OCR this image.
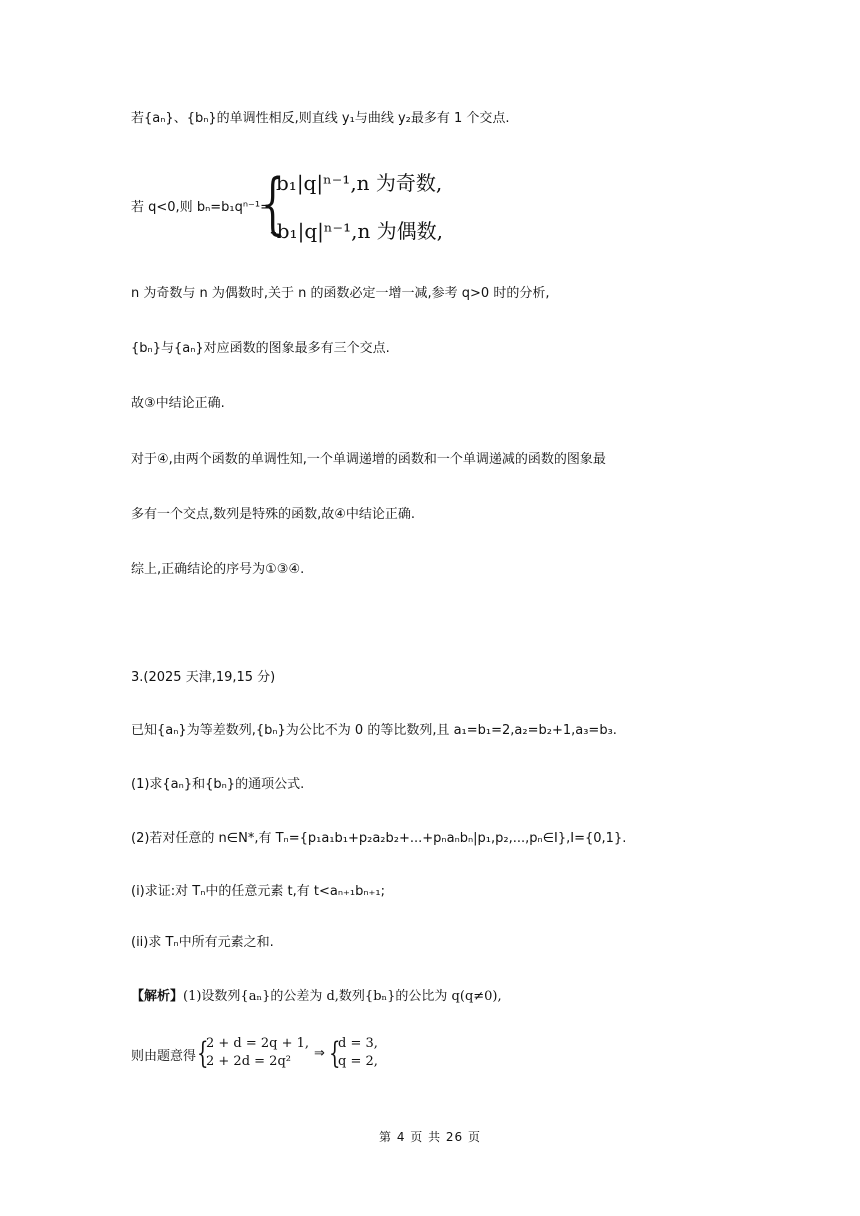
若{aₙ}、{bₙ}的单调性相反,则直线 y₁与曲线 y₂最多有 1 个交点.
若 q<0,则 bₙ=b₁qⁿ⁻¹=
{
b₁|q|ⁿ⁻¹,n 为奇数,
-b₁|q|ⁿ⁻¹,n 为偶数,
n 为奇数与 n 为偶数时,关于 n 的函数必定一增一减,参考 q>0 时的分析,
{bₙ}与{aₙ}对应函数的图象最多有三个交点.
故③中结论正确.
对于④,由两个函数的单调性知,一个单调递增的函数和一个单调递减的函数的图象最
多有一个交点,数列是特殊的函数,故④中结论正确.
综上,正确结论的序号为①③④.
3.(2025 天津,19,15 分)
已知{aₙ}为等差数列,{bₙ}为公比不为 0 的等比数列,且 a₁=b₁=2,a₂=b₂+1,a₃=b₃.
(1)求{aₙ}和{bₙ}的通项公式.
(2)若对任意的 n∈N*,有 Tₙ={p₁a₁b₁+p₂a₂b₂+...+pₙaₙbₙ|p₁,p₂,...,pₙ∈I},I={0,1}.
(i)求证:对 Tₙ中的任意元素 t,有 t<aₙ₊₁bₙ₊₁;
(ii)求 Tₙ中所有元素之和.
【解析】(1)设数列{aₙ}的公差为 d,数列{bₙ}的公比为 q(q≠0),
则由题意得 {
2 + d = 2q + 1,
2 + 2d = 2q²
⇒ {
d = 3,
q = 2,
第 4 页 共 26 页
